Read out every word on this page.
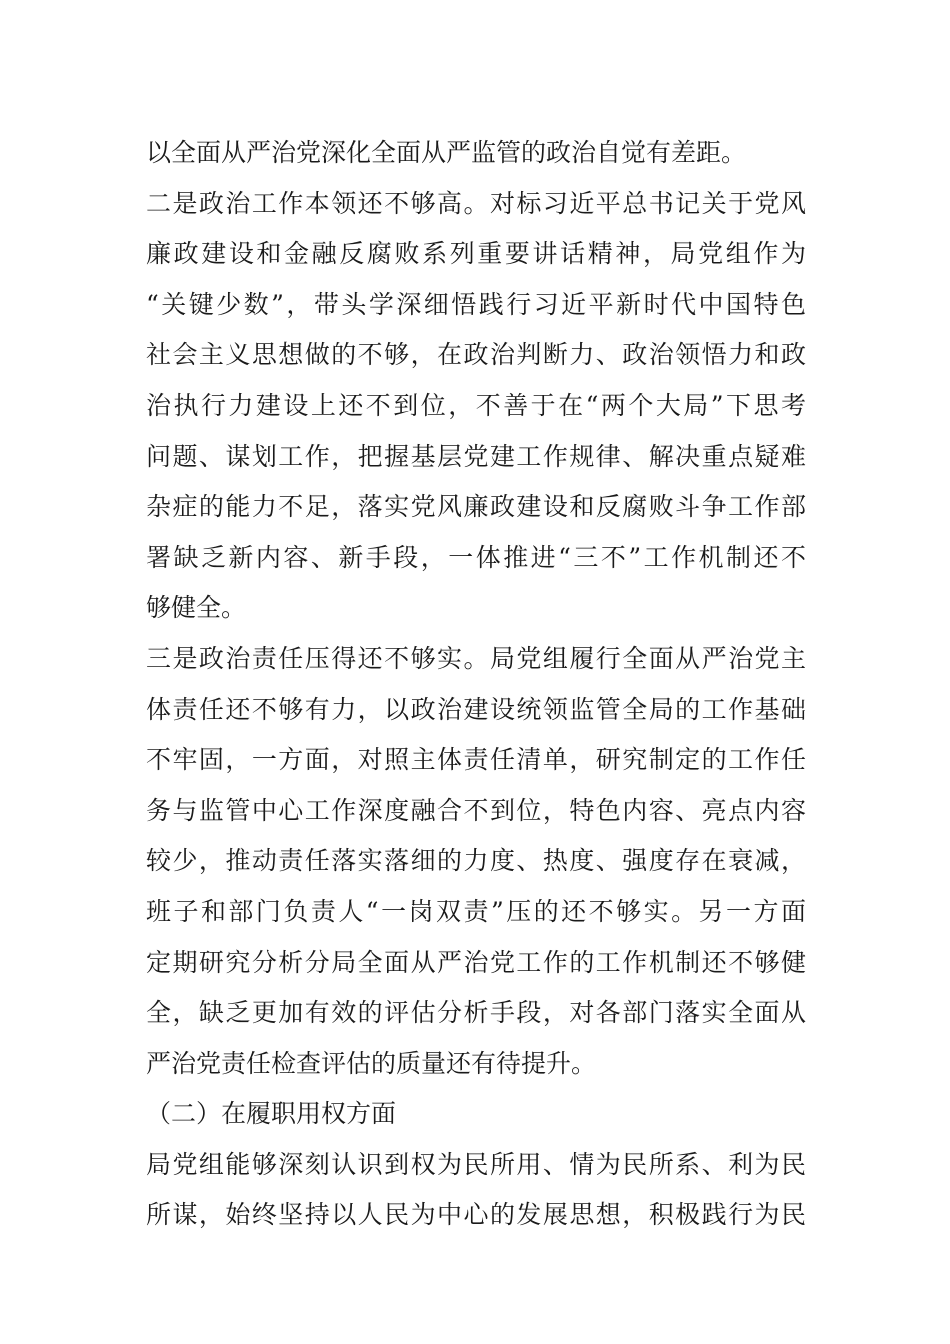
以全面从严治党深化全面从严监管的政治自觉有差距。
二是政治工作本领还不够高。对标习近平总书记关于党风
廉政建设和金融反腐败系列重要讲话精神，局党组作为
“关键少数”，带头学深细悟践行习近平新时代中国特色
社会主义思想做的不够，在政治判断力、政治领悟力和政
治执行力建设上还不到位，不善于在“两个大局”下思考
问题、谋划工作，把握基层党建工作规律、解决重点疑难
杂症的能力不足，落实党风廉政建设和反腐败斗争工作部
署缺乏新内容、新手段，一体推进“三不”工作机制还不
够健全。
三是政治责任压得还不够实。局党组履行全面从严治党主
体责任还不够有力，以政治建设统领监管全局的工作基础
不牢固，一方面，对照主体责任清单，研究制定的工作任
务与监管中心工作深度融合不到位，特色内容、亮点内容
较少，推动责任落实落细的力度、热度、强度存在衰减，
班子和部门负责人“一岗双责”压的还不够实。另一方面
定期研究分析分局全面从严治党工作的工作机制还不够健
全，缺乏更加有效的评估分析手段，对各部门落实全面从
严治党责任检查评估的质量还有待提升。
（二）在履职用权方面
局党组能够深刻认识到权为民所用、情为民所系、利为民
所谋，始终坚持以人民为中心的发展思想，积极践行为民
